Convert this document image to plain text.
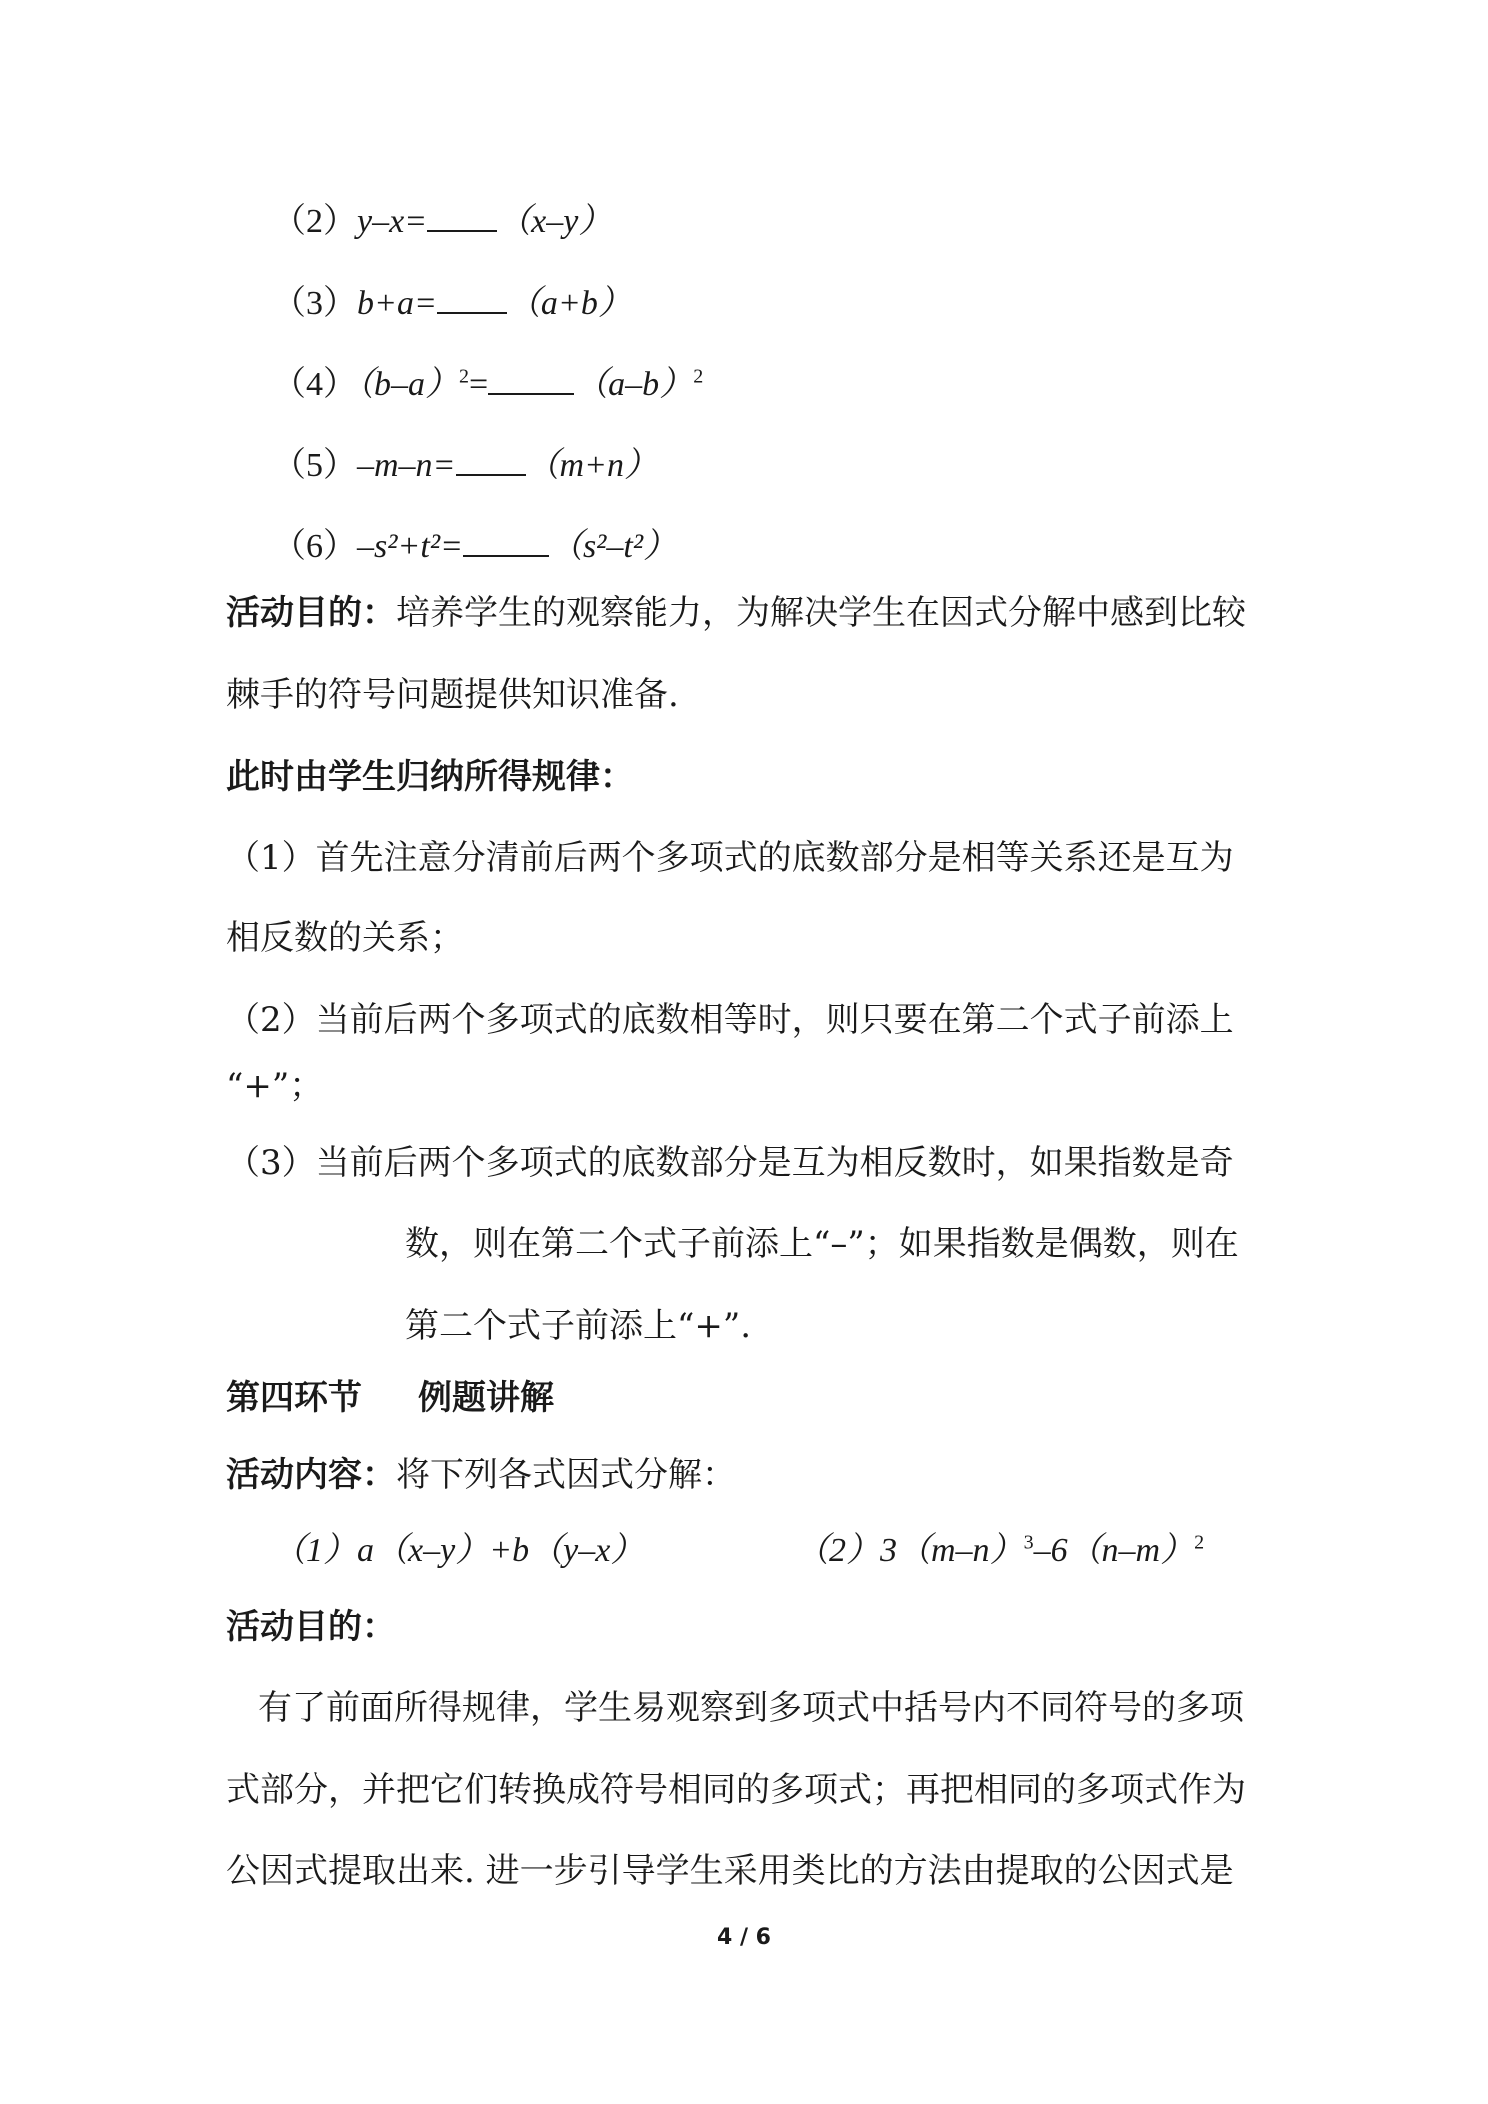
（2）y–x= （x–y）
（3）b+a= （a+b）
$(4)(b-a)^2=$	$(a-b)^2$
（5）–m–n= （m+n）
（6）–s²+t²=	（s²–t²）
活动目的：培养学生的观察能力，为解决学生在因式分解中感到比较
棘手的符号问题提供知识准备.
此时由学生归纳所得规律：
（1）首先注意分清前后两个多项式的底数部分是相等关系还是互为
相反数的关系；
（2）当前后两个多项式的底数相等时，则只要在第二个式子前添上
“+”；
（3）当前后两个多项式的底数部分是互为相反数时，如果指数是奇
数，则在第二个式子前添上“–”；如果指数是偶数，则在
第二个式子前添上“+”.
第四环节 例题讲解
活动内容：将下列各式因式分解：
（1）a（x–y）+b（y–x）	$(2)3(m-n)^3-6(n-m)^2$
活动目的：
有了前面所得规律，学生易观察到多项式中括号内不同符号的多项
式部分，并把它们转换成符号相同的多项式；再把相同的多项式作为
公因式提取出来. 进一步引导学生采用类比的方法由提取的公因式是
4 / 6
